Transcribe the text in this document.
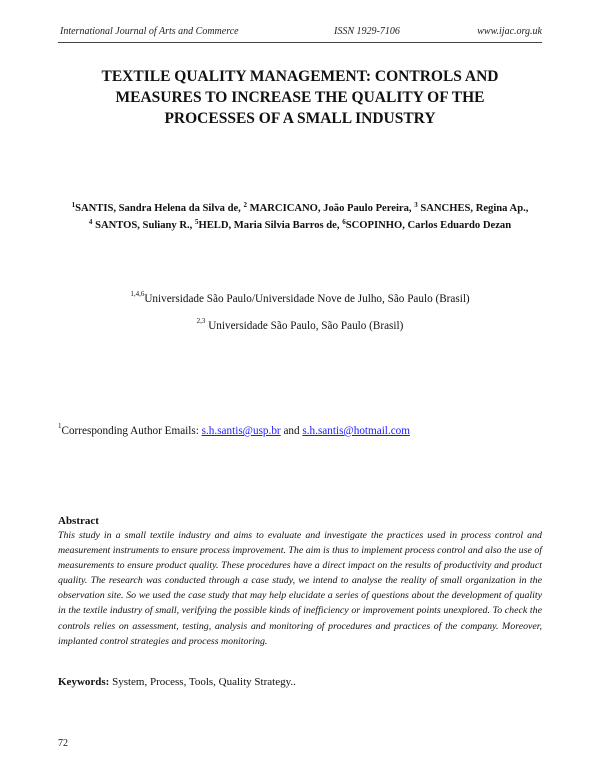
International Journal of Arts and Commerce	ISSN 1929-7106	www.ijac.org.uk
TEXTILE QUALITY MANAGEMENT: CONTROLS AND
MEASURES TO INCREASE THE QUALITY OF THE
PROCESSES OF A SMALL INDUSTRY
$^1$SANTIS, Sandra Helena da Silva de, $^2$ MARCICANO, João Paulo Pereira, $^3$ SANCHES, Regina Ap.,
$^4$ SANTOS, Suliany R., $^5$HELD, Maria Silvia Barros de, $^6$SCOPINHO, Carlos Eduardo Dezan
$^{1,4,6}$Universidade São Paulo/Universidade Nove de Julho, São Paulo (Brasil)
$^{2,3}$ Universidade São Paulo, São Paulo (Brasil)
$^1$Corresponding Author Emails: s.h.santis@usp.br and s.h.santis@hotmail.com
Abstract

This study in a small textile industry and aims to evaluate and investigate the practices used in process control and measurement instruments to ensure process improvement. The aim is thus to implement process control and also the use of measurements to ensure product quality. These procedures have a direct impact on the results of productivity and product quality. The research was conducted through a case study, we intend to analyse the reality of small organization in the observation site. So we used the case study that may help elucidate a series of questions about the development of quality in the textile industry of small, verifying the possible kinds of inefficiency or improvement points unexplored. To check the controls relies on assessment, testing, analysis and monitoring of procedures and practices of the company. Moreover, implanted control strategies and process monitoring.

Keywords: System, Process, Tools, Quality Strategy..
72
